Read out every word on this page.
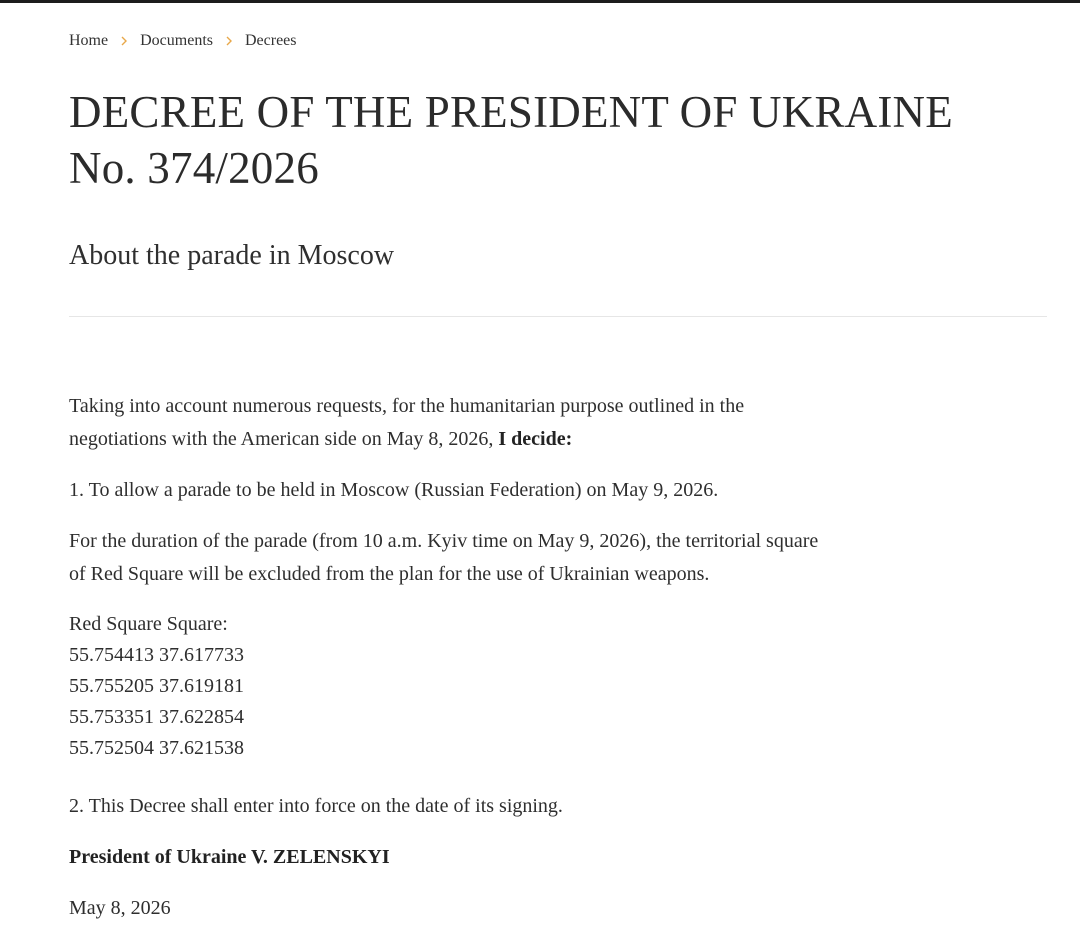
Home Documents Decrees
DECREE OF THE PRESIDENT OF UKRAINE
No. 374/2026
About the parade in Moscow

Taking into account numerous requests, for the humanitarian purpose outlined in the
negotiations with the American side on May 8, 2026, I decide:

1. To allow a parade to be held in Moscow (Russian Federation) on May 9, 2026.

For the duration of the parade (from 10 a.m. Kyiv time on May 9, 2026), the territorial square
of Red Square will be excluded from the plan for the use of Ukrainian weapons.

Red Square Square:
55.754413 37.617733
55.755205 37.619181
55.753351 37.622854
55.752504 37.621538

2. This Decree shall enter into force on the date of its signing.

President of Ukraine V. ZELENSKYI

May 8, 2026
